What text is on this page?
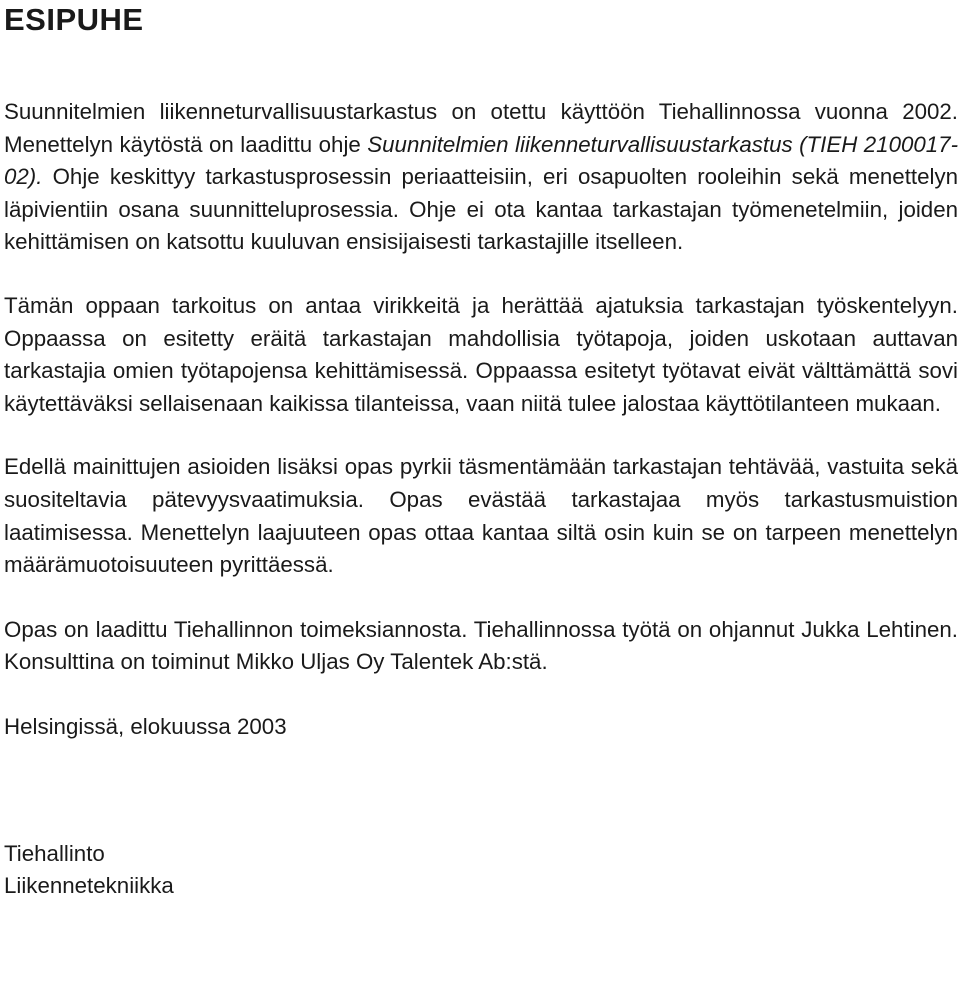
ESIPUHE

Suunnitelmien liikenneturvallisuustarkastus on otettu käyttöön Tiehallinnossa vuonna 2002. Menettelyn käytöstä on laadittu ohje Suunnitelmien liikenneturvallisuustarkastus (TIEH 2100017-02). Ohje keskittyy tarkastusprosessin periaatteisiin, eri osapuolten rooleihin sekä menettelyn läpivientiin osana suunnitteluprosessia. Ohje ei ota kantaa tarkastajan työmenetelmiin, joiden kehittämisen on katsottu kuuluvan ensisijaisesti tarkastajille itselleen.

Tämän oppaan tarkoitus on antaa virikkeitä ja herättää ajatuksia tarkastajan työskentelyyn. Oppaassa on esitetty eräitä tarkastajan mahdollisia työtapoja, joiden uskotaan auttavan tarkastajia omien työtapojensa kehittämisessä. Oppaassa esitetyt työtavat eivät välttämättä sovi käytettäväksi sellaisenaan kaikissa tilanteissa, vaan niitä tulee jalostaa käyttötilanteen mukaan.

Edellä mainittujen asioiden lisäksi opas pyrkii täsmentämään tarkastajan tehtävää, vastuita sekä suositeltavia pätevyysvaatimuksia. Opas evästää tarkastajaa myös tarkastusmuistion laatimisessa. Menettelyn laajuuteen opas ottaa kantaa siltä osin kuin se on tarpeen menettelyn määrämuotoisuuteen pyrittäessä.

Opas on laadittu Tiehallinnon toimeksiannosta. Tiehallinnossa työtä on ohjannut Jukka Lehtinen. Konsulttina on toiminut Mikko Uljas Oy Talentek Ab:stä.

Helsingissä, elokuussa 2003

Tiehallinto
Liikennetekniikka
